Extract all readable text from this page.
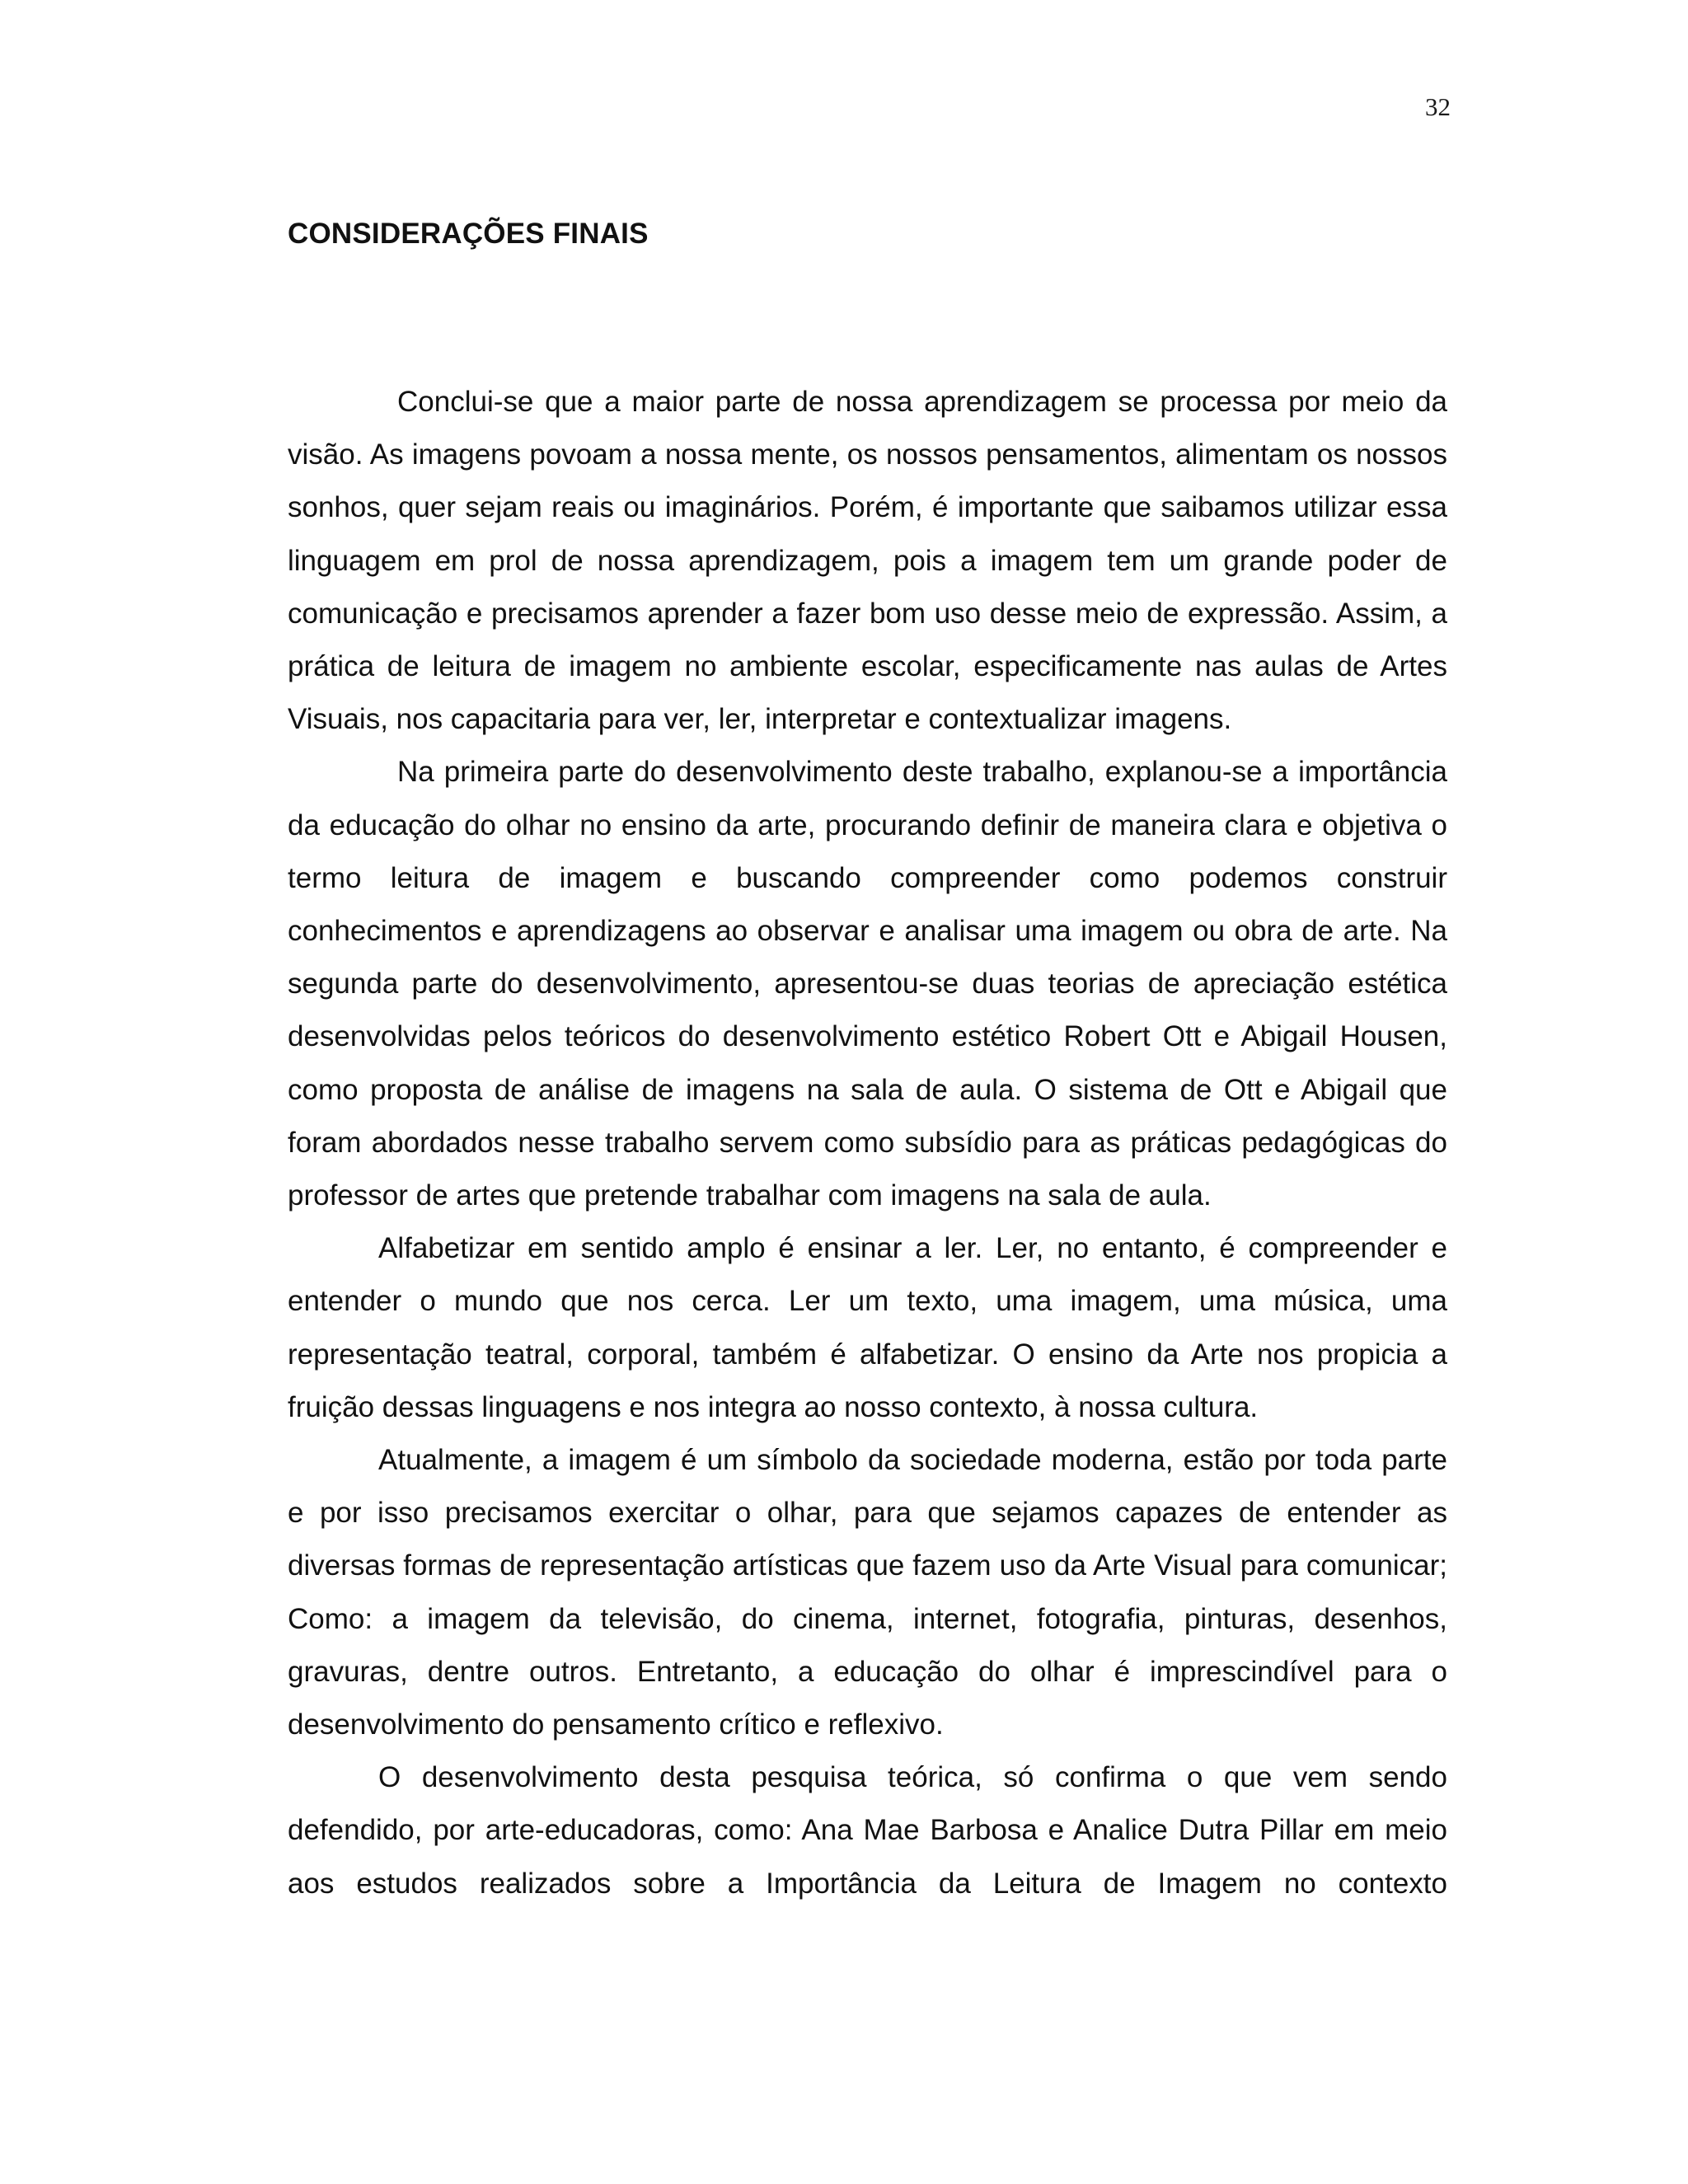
32
CONSIDERAÇÕES FINAIS

Conclui-se que a maior parte de nossa aprendizagem se processa por meio da visão. As imagens povoam a nossa mente, os nossos pensamentos, alimentam os nossos sonhos, quer sejam reais ou imaginários. Porém, é importante que saibamos utilizar essa linguagem em prol de nossa aprendizagem, pois a imagem tem um grande poder de comunicação e precisamos aprender a fazer bom uso desse meio de expressão. Assim, a prática de leitura de imagem no ambiente escolar, especificamente nas aulas de Artes Visuais, nos capacitaria para ver, ler, interpretar e contextualizar imagens.

Na primeira parte do desenvolvimento deste trabalho, explanou-se a importância da educação do olhar no ensino da arte, procurando definir de maneira clara e objetiva o termo leitura de imagem e buscando compreender como podemos construir conhecimentos e aprendizagens ao observar e analisar uma imagem ou obra de arte. Na segunda parte do desenvolvimento, apresentou-se duas teorias de apreciação estética desenvolvidas pelos teóricos do desenvolvimento estético Robert Ott e Abigail Housen, como proposta de análise de imagens na sala de aula. O sistema de Ott e Abigail que foram abordados nesse trabalho servem como subsídio para as práticas pedagógicas do professor de artes que pretende trabalhar com imagens na sala de aula.

Alfabetizar em sentido amplo é ensinar a ler. Ler, no entanto, é compreender e entender o mundo que nos cerca. Ler um texto, uma imagem, uma música, uma representação teatral, corporal, também é alfabetizar. O ensino da Arte nos propicia a fruição dessas linguagens e nos integra ao nosso contexto, à nossa cultura.

Atualmente, a imagem é um símbolo da sociedade moderna, estão por toda parte e por isso precisamos exercitar o olhar, para que sejamos capazes de entender as diversas formas de representação artísticas que fazem uso da Arte Visual para comunicar; Como: a imagem da televisão, do cinema, internet, fotografia, pinturas, desenhos, gravuras, dentre outros. Entretanto, a educação do olhar é imprescindível para o desenvolvimento do pensamento crítico e reflexivo.

O desenvolvimento desta pesquisa teórica, só confirma o que vem sendo defendido, por arte-educadoras, como: Ana Mae Barbosa e Analice Dutra Pillar em meio aos estudos realizados sobre a Importância da Leitura de Imagem no contexto
